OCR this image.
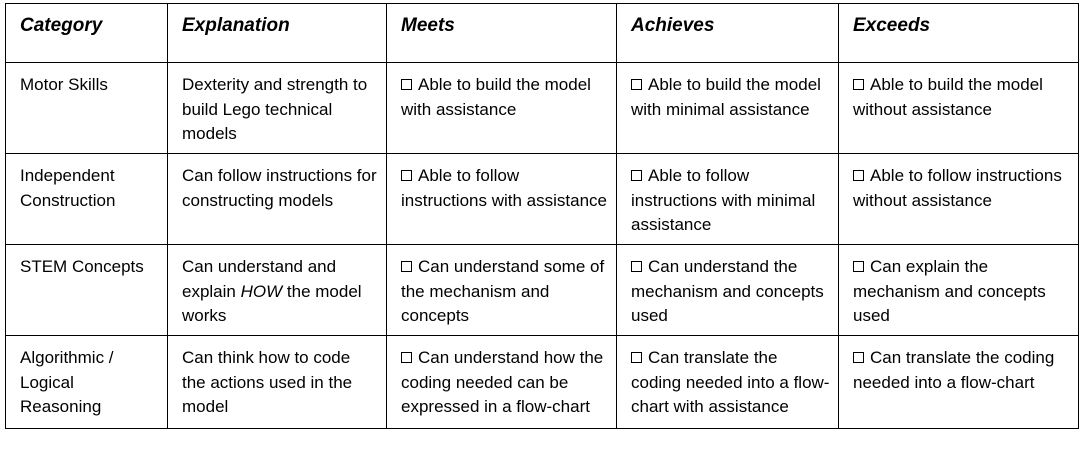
Category	Explanation	Meets	Achieves	Exceeds
Motor Skills	Dexterity and strength to build Lego technical models	Able to build the model with assistance	Able to build the model with minimal assistance	Able to build the model without assistance
Independent Construction	Can follow instructions for constructing models	Able to follow instructions with assistance	Able to follow instructions with minimal assistance	Able to follow instructions without assistance
STEM Concepts	Can understand and explain HOW the model works	Can understand some of the mechanism and concepts	Can understand the mechanism and concepts used	Can explain the mechanism and concepts used
Algorithmic / Logical Reasoning	Can think how to code the actions used in the model	Can understand how the coding needed can be expressed in a flow-chart	Can translate the coding needed into a flow-chart with assistance	Can translate the coding needed into a flow-chart
